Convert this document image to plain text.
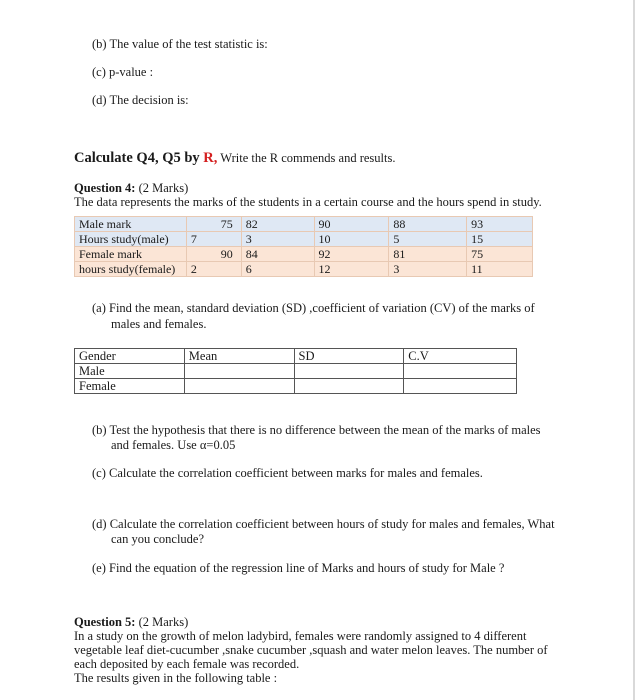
(b) The value of the test statistic is:
(c) p-value :
(d) The decision is:
Calculate Q4, Q5 by R, Write the R commends and results.
Question 4: (2 Marks)
The data represents the marks of the students in a certain course and the hours spend in study.
Male mark	75	82	90	88	93
Hours study(male)	7	3	10	5	15
Female mark	90	84	92	81	75
hours study(female)	2	6	12	3	11
(a) Find the mean, standard deviation (SD) ,coefficient of variation (CV) of the marks of
males and females.
Gender	Mean	SD	C.V
Male			
Female			
(b) Test the hypothesis that there is no difference between the mean of the marks of males
and females. Use α=0.05
(c) Calculate the correlation coefficient between marks for males and females.
(d) Calculate the correlation coefficient between hours of study for males and females, What
can you conclude?
(e) Find the equation of the regression line of Marks and hours of study for Male ?
Question 5: (2 Marks)
In a study on the growth of melon ladybird, females were randomly assigned to 4 different
vegetable leaf diet-cucumber ,snake cucumber ,squash and water melon leaves. The number of
each deposited by each female was recorded.
The results given in the following table :
